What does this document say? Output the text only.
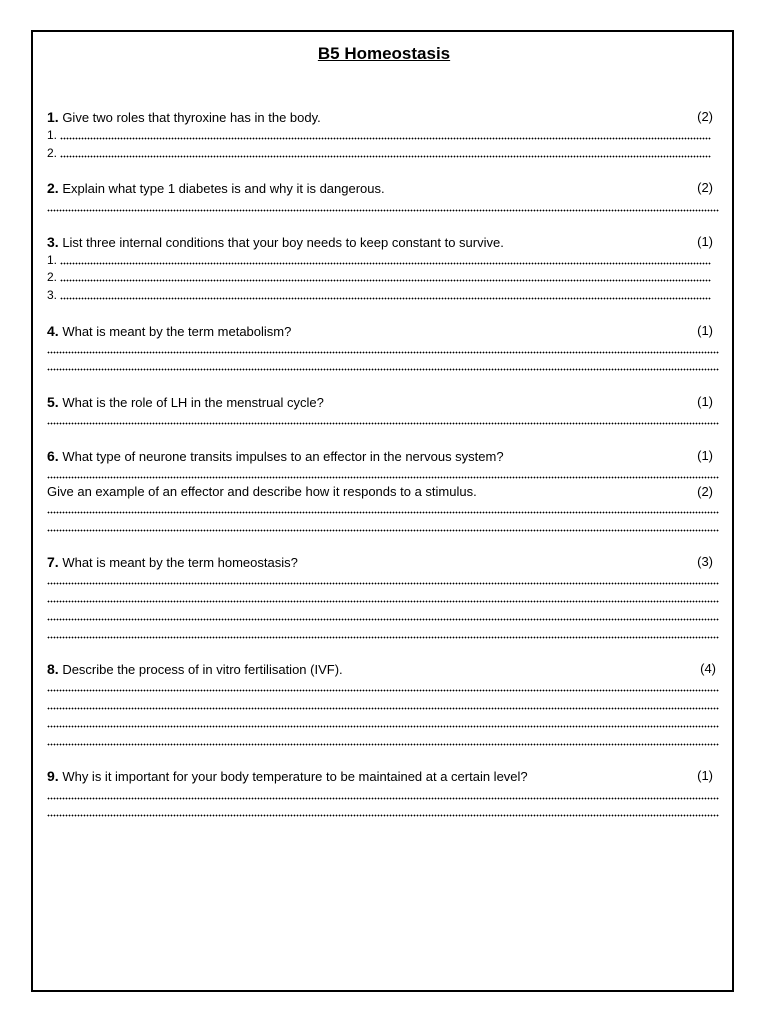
B5 Homeostasis
1. Give two roles that thyroxine has in the body.	(2)
1.
2.
2. Explain what type 1 diabetes is and why it is dangerous.	(2)
3. List three internal conditions that your boy needs to keep constant to survive.	(1)
1.
2.
3.
4. What is meant by the term metabolism?	(1)
5. What is the role of LH in the menstrual cycle?	(1)
6. What type of neurone transits impulses to an effector in the nervous system?	(1)
Give an example of an effector and describe how it responds to a stimulus.	(2)
7. What is meant by the term homeostasis?	(3)
8. Describe the process of in vitro fertilisation (IVF).	(4)
9. Why is it important for your body temperature to be maintained at a certain level?	(1)
